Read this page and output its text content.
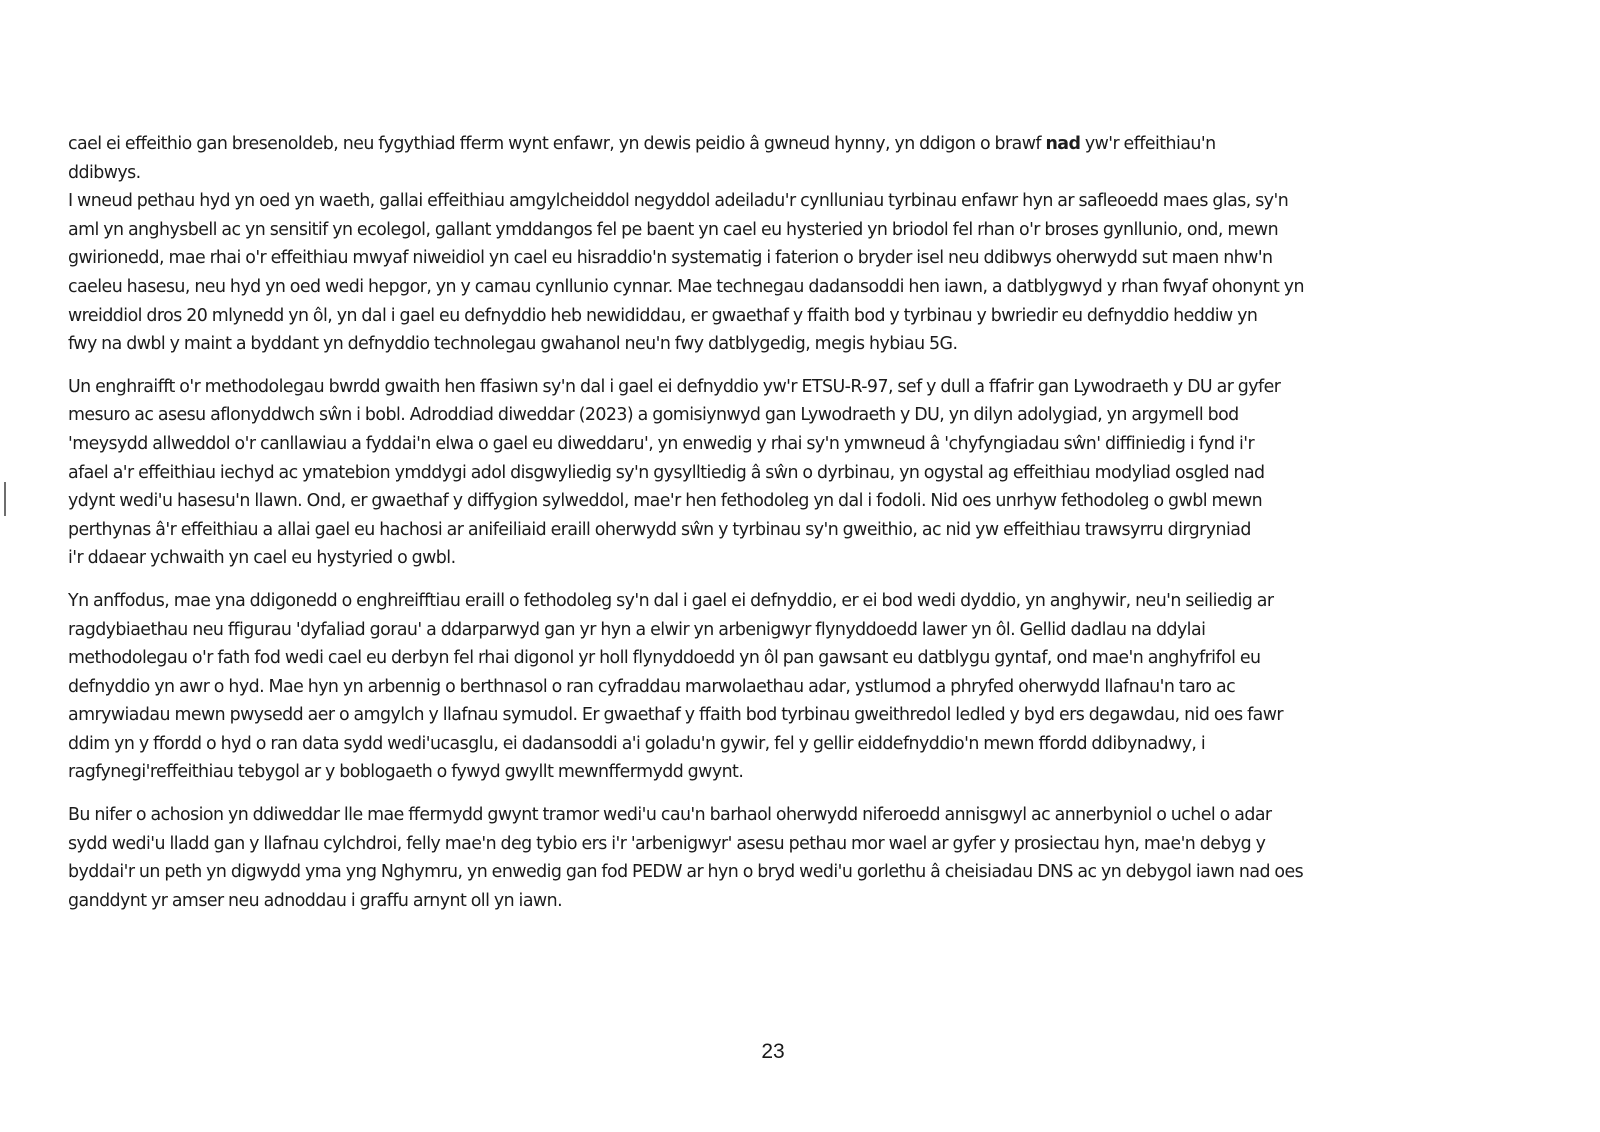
cael ei effeithio gan bresenoldeb, neu fygythiad fferm wynt enfawr, yn dewis peidio â gwneud hynny, yn ddigon o brawf nad yw'r effeithiau'n
ddibwys.
I wneud pethau hyd yn oed yn waeth, gallai effeithiau amgylcheiddol negyddol adeiladu'r cynlluniau tyrbinau enfawr hyn ar safleoedd maes glas, sy'n
aml yn anghysbell ac yn sensitif yn ecolegol, gallant ymddangos fel pe baent yn cael eu hysteried yn briodol fel rhan o'r broses gynllunio, ond, mewn
gwirionedd, mae rhai o'r effeithiau mwyaf niweidiol yn cael eu hisraddio'n systematig i faterion o bryder isel neu ddibwys oherwydd sut maen nhw'n
caeleu hasesu, neu hyd yn oed wedi hepgor, yn y camau cynllunio cynnar. Mae technegau dadansoddi hen iawn, a datblygwyd y rhan fwyaf ohonynt yn
wreiddiol dros 20 mlynedd yn ôl, yn dal i gael eu defnyddio heb newididdau, er gwaethaf y ffaith bod y tyrbinau y bwriedir eu defnyddio heddiw yn
fwy na dwbl y maint a byddant yn defnyddio technolegau gwahanol neu'n fwy datblygedig, megis hybiau 5G.
Un enghraifft o'r methodolegau bwrdd gwaith hen ffasiwn sy'n dal i gael ei defnyddio yw'r ETSU-R-97, sef y dull a ffafrir gan Lywodraeth y DU ar gyfer
mesuro ac asesu aflonyddwch sŵn i bobl. Adroddiad diweddar (2023) a gomisiynwyd gan Lywodraeth y DU, yn dilyn adolygiad, yn argymell bod
'meysydd allweddol o'r canllawiau a fyddai'n elwa o gael eu diweddaru', yn enwedig y rhai sy'n ymwneud â 'chyfyngiadau sŵn' diffiniedig i fynd i'r
afael a'r effeithiau iechyd ac ymatebion ymddygi adol disgwyliedig sy'n gysylltiedig â sŵn o dyrbinau, yn ogystal ag effeithiau modyliad osgled nad
ydynt wedi'u hasesu'n llawn. Ond, er gwaethaf y diffygion sylweddol, mae'r hen fethodoleg yn dal i fodoli. Nid oes unrhyw fethodoleg o gwbl mewn
perthynas â'r effeithiau a allai gael eu hachosi ar anifeiliaid eraill oherwydd sŵn y tyrbinau sy'n gweithio, ac nid yw effeithiau trawsyrru dirgryniad
i'r ddaear ychwaith yn cael eu hystyried o gwbl.
Yn anffodus, mae yna ddigonedd o enghreifftiau eraill o fethodoleg sy'n dal i gael ei defnyddio, er ei bod wedi dyddio, yn anghywir, neu'n seiliedig ar
ragdybiaethau neu ffigurau 'dyfaliad gorau' a ddarparwyd gan yr hyn a elwir yn arbenigwyr flynyddoedd lawer yn ôl. Gellid dadlau na ddylai
methodolegau o'r fath fod wedi cael eu derbyn fel rhai digonol yr holl flynyddoedd yn ôl pan gawsant eu datblygu gyntaf, ond mae'n anghyfrifol eu
defnyddio yn awr o hyd. Mae hyn yn arbennig o berthnasol o ran cyfraddau marwolaethau adar, ystlumod a phryfed oherwydd llafnau'n taro ac
amrywiadau mewn pwysedd aer o amgylch y llafnau symudol. Er gwaethaf y ffaith bod tyrbinau gweithredol ledled y byd ers degawdau, nid oes fawr
ddim yn y ffordd o hyd o ran data sydd wedi'ucasglu, ei dadansoddi a'i goladu'n gywir, fel y gellir eiddefnyddio'n mewn ffordd ddibynadwy, i
ragfynegi'reffeithiau tebygol ar y boblogaeth o fywyd gwyllt mewnffermydd gwynt.
Bu nifer o achosion yn ddiweddar lle mae ffermydd gwynt tramor wedi'u cau'n barhaol oherwydd niferoedd annisgwyl ac annerbyniol o uchel o adar
sydd wedi'u lladd gan y llafnau cylchdroi, felly mae'n deg tybio ers i'r 'arbenigwyr' asesu pethau mor wael ar gyfer y prosiectau hyn, mae'n debyg y
byddai'r un peth yn digwydd yma yng Nghymru, yn enwedig gan fod PEDW ar hyn o bryd wedi'u gorlethu â cheisiadau DNS ac yn debygol iawn nad oes
ganddynt yr amser neu adnoddau i graffu arnynt oll yn iawn.
23
